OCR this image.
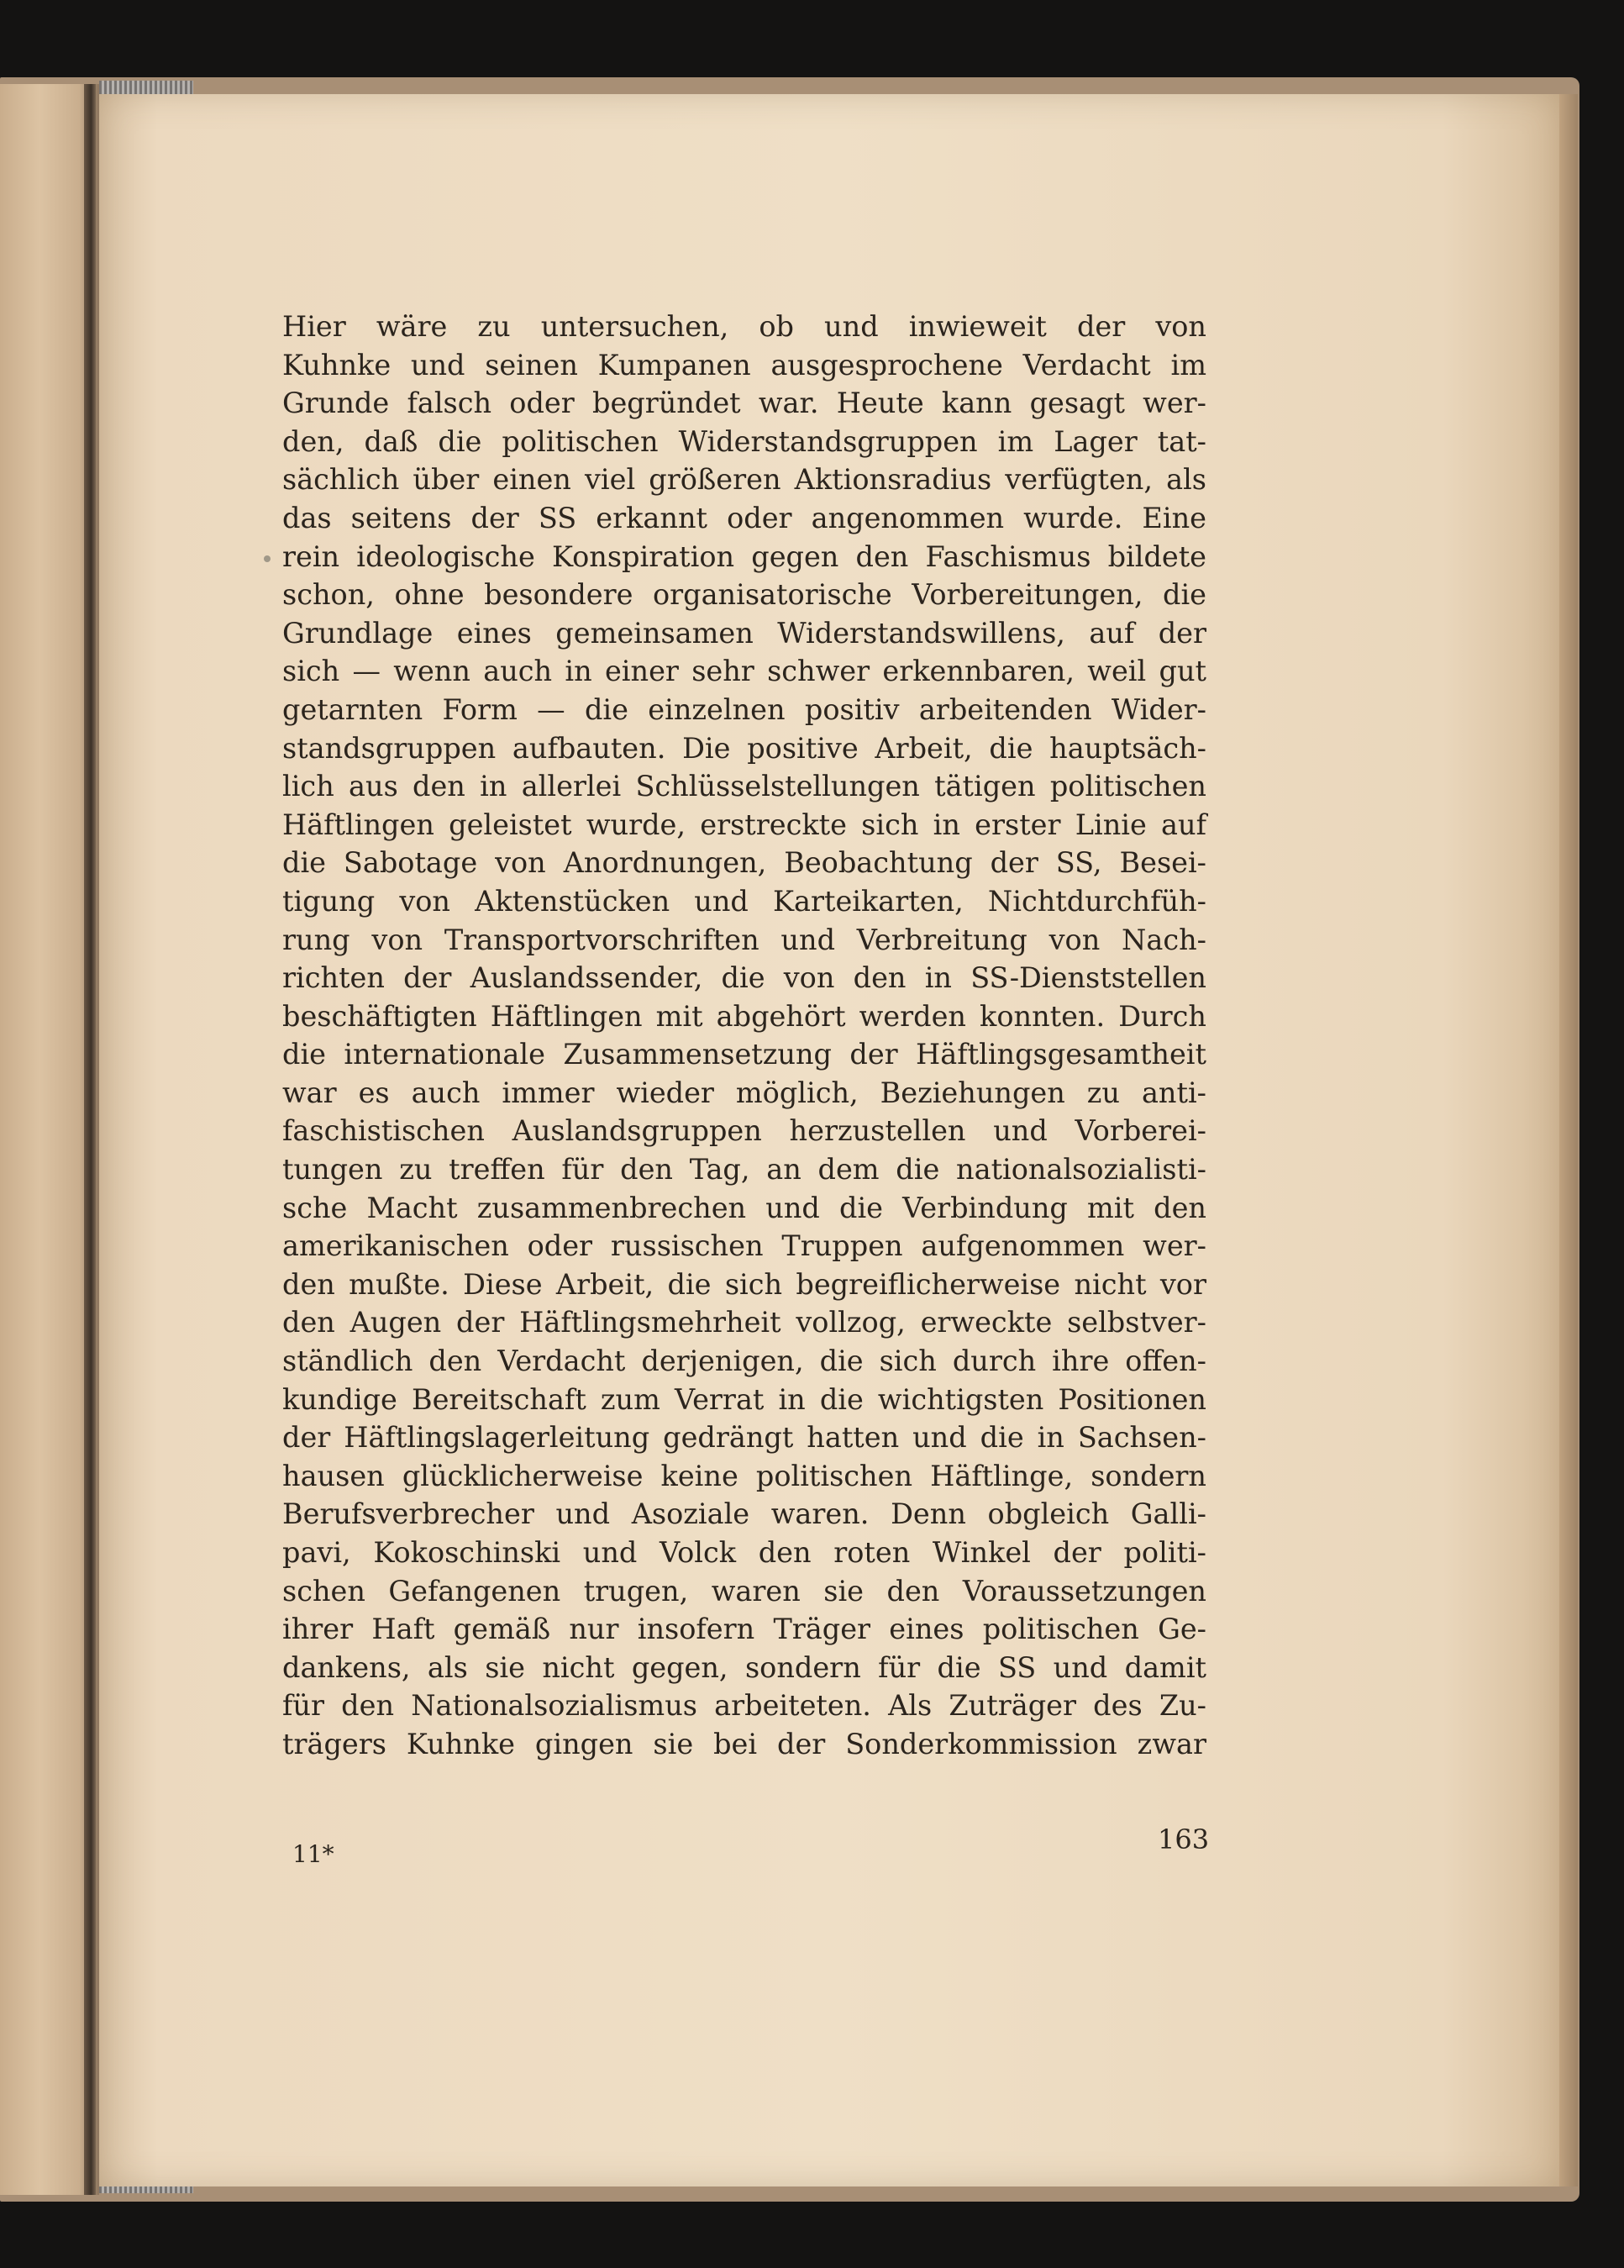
Hier wäre zu untersuchen, ob und inwieweit der von
Kuhnke und seinen Kumpanen ausgesprochene Verdacht im
Grunde falsch oder begründet war. Heute kann gesagt wer-
den, daß die politischen Widerstandsgruppen im Lager tat-
sächlich über einen viel größeren Aktionsradius verfügten, als
das seitens der SS erkannt oder angenommen wurde. Eine
rein ideologische Konspiration gegen den Faschismus bildete
schon, ohne besondere organisatorische Vorbereitungen, die
Grundlage eines gemeinsamen Widerstandswillens, auf der
sich — wenn auch in einer sehr schwer erkennbaren, weil gut
getarnten Form — die einzelnen positiv arbeitenden Wider-
standsgruppen aufbauten. Die positive Arbeit, die hauptsäch-
lich aus den in allerlei Schlüsselstellungen tätigen politischen
Häftlingen geleistet wurde, erstreckte sich in erster Linie auf
die Sabotage von Anordnungen, Beobachtung der SS, Besei-
tigung von Aktenstücken und Karteikarten, Nichtdurchfüh-
rung von Transportvorschriften und Verbreitung von Nach-
richten der Auslandssender, die von den in SS-Dienststellen
beschäftigten Häftlingen mit abgehört werden konnten. Durch
die internationale Zusammensetzung der Häftlingsgesamtheit
war es auch immer wieder möglich, Beziehungen zu anti-
faschistischen Auslandsgruppen herzustellen und Vorberei-
tungen zu treffen für den Tag, an dem die nationalsozialisti-
sche Macht zusammenbrechen und die Verbindung mit den
amerikanischen oder russischen Truppen aufgenommen wer-
den mußte. Diese Arbeit, die sich begreiflicherweise nicht vor
den Augen der Häftlingsmehrheit vollzog, erweckte selbstver-
ständlich den Verdacht derjenigen, die sich durch ihre offen-
kundige Bereitschaft zum Verrat in die wichtigsten Positionen
der Häftlingslagerleitung gedrängt hatten und die in Sachsen-
hausen glücklicherweise keine politischen Häftlinge, sondern
Berufsverbrecher und Asoziale waren. Denn obgleich Galli-
pavi, Kokoschinski und Volck den roten Winkel der politi-
schen Gefangenen trugen, waren sie den Voraussetzungen
ihrer Haft gemäß nur insofern Träger eines politischen Ge-
dankens, als sie nicht gegen, sondern für die SS und damit
für den Nationalsozialismus arbeiteten. Als Zuträger des Zu-
trägers Kuhnke gingen sie bei der Sonderkommission zwar
11*	163
